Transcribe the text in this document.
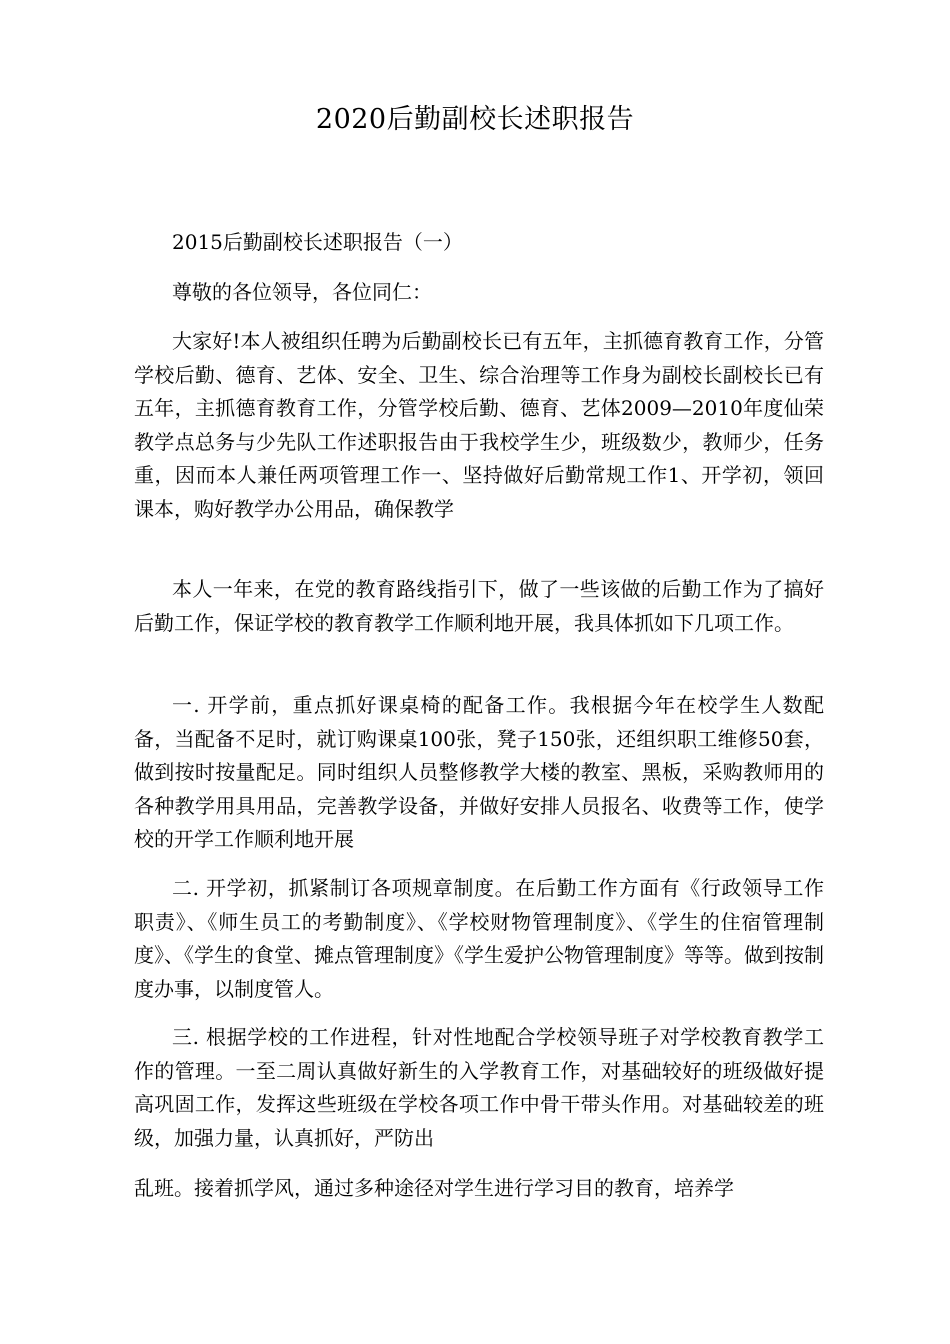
2020后勤副校长述职报告

2015后勤副校长述职报告（一）

尊敬的各位领导，各位同仁：

大家好!本人被组织任聘为后勤副校长已有五年，主抓德育教育工作，分管学校后勤、德育、艺体、安全、卫生、综合治理等工作身为副校长副校长已有五年，主抓德育教育工作，分管学校后勤、德育、艺体2009—2010年度仙荣教学点总务与少先队工作述职报告由于我校学生少，班级数少，教师少，任务重，因而本人兼任两项管理工作一、坚持做好后勤常规工作1、开学初，领回课本，购好教学办公用品，确保教学

本人一年来，在党的教育路线指引下，做了一些该做的后勤工作为了搞好后勤工作，保证学校的教育教学工作顺利地开展，我具体抓如下几项工作。

一. 开学前，重点抓好课桌椅的配备工作。我根据今年在校学生人数配备，当配备不足时，就订购课桌100张，凳子150张，还组织职工维修50套，做到按时按量配足。同时组织人员整修教学大楼的教室、黑板，采购教师用的各种教学用具用品，完善教学设备，并做好安排人员报名、收费等工作，使学校的开学工作顺利地开展

二. 开学初，抓紧制订各项规章制度。在后勤工作方面有《行政领导工作职责》、《师生员工的考勤制度》、《学校财物管理制度》、《学生的住宿管理制度》、《学生的食堂、摊点管理制度》《学生爱护公物管理制度》等等。做到按制度办事，以制度管人。

三. 根据学校的工作进程，针对性地配合学校领导班子对学校教育教学工作的管理。一至二周认真做好新生的入学教育工作，对基础较好的班级做好提高巩固工作，发挥这些班级在学校各项工作中骨干带头作用。对基础较差的班级，加强力量，认真抓好，严防出

乱班。接着抓学风，通过多种途径对学生进行学习目的教育，培养学
